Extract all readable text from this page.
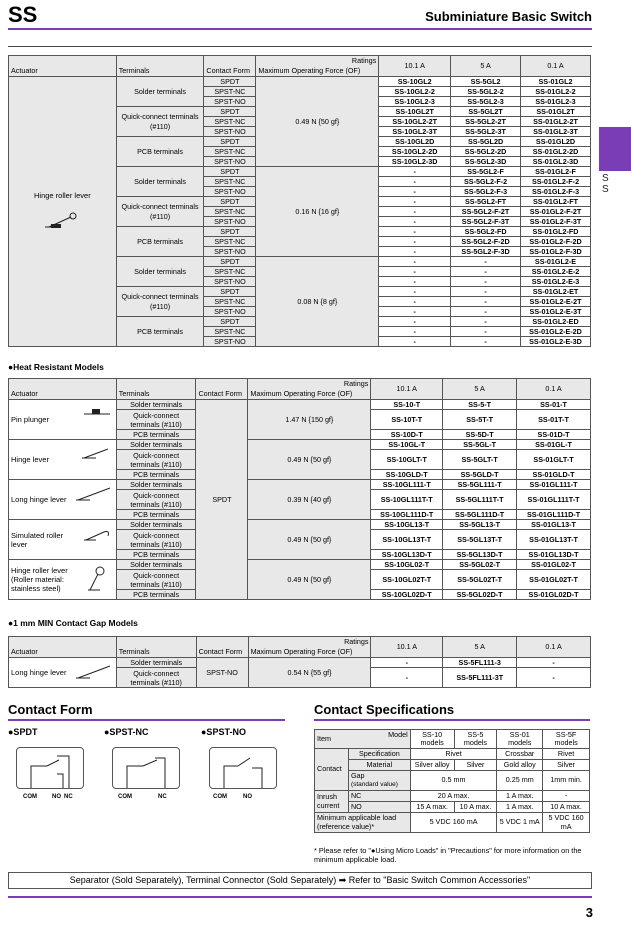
SS	Subminiature Basic Switch
S
S
			Ratings	10.1 A	5 A	0.1 A
Actuator	Terminals	Contact Form	Maximum Operating Force (OF)			
Hinge roller lever	Solder terminals	SPDT	0.49 N {50 gf}	SS-10GL2	SS-5GL2	SS-01GL2
		SPST-NC		SS-10GL2-2	SS-5GL2-2	SS-01GL2-2
		SPST-NO		SS-10GL2-3	SS-5GL2-3	SS-01GL2-3
	Quick-connect terminals (#110)	SPDT		SS-10GL2T	SS-5GL2T	SS-01GL2T
		SPST-NC		SS-10GL2-2T	SS-5GL2-2T	SS-01GL2-2T
		SPST-NO		SS-10GL2-3T	SS-5GL2-3T	SS-01GL2-3T
	PCB terminals	SPDT		SS-10GL2D	SS-5GL2D	SS-01GL2D
		SPST-NC		SS-10GL2-2D	SS-5GL2-2D	SS-01GL2-2D
		SPST-NO		SS-10GL2-3D	SS-5GL2-3D	SS-01GL2-3D
	Solder terminals	SPDT	0.16 N {16 gf}	-	SS-5GL2-F	SS-01GL2-F
		SPST-NC		-	SS-5GL2-F-2	SS-01GL2-F-2
		SPST-NO		-	SS-5GL2-F-3	SS-01GL2-F-3
	Quick-connect terminals (#110)	SPDT		-	SS-5GL2-FT	SS-01GL2-FT
		SPST-NC		-	SS-5GL2-F-2T	SS-01GL2-F-2T
		SPST-NO		-	SS-5GL2-F-3T	SS-01GL2-F-3T
	PCB terminals	SPDT		-	SS-5GL2-FD	SS-01GL2-FD
		SPST-NC		-	SS-5GL2-F-2D	SS-01GL2-F-2D
		SPST-NO		-	SS-5GL2-F-3D	SS-01GL2-F-3D
	Solder terminals	SPDT	0.08 N {8 gf}	-	-	SS-01GL2-E
		SPST-NC		-	-	SS-01GL2-E-2
		SPST-NO		-	-	SS-01GL2-E-3
	Quick-connect terminals (#110)	SPDT		-	-	SS-01GL2-ET
		SPST-NC		-	-	SS-01GL2-E-2T
		SPST-NO		-	-	SS-01GL2-E-3T
	PCB terminals	SPDT		-	-	SS-01GL2-ED
		SPST-NC		-	-	SS-01GL2-E-2D
		SPST-NO		-	-	SS-01GL2-E-3D
●Heat Resistant Models
			Ratings	10.1 A	5 A	0.1 A
Actuator	Terminals	Contact Form	Maximum Operating Force (OF)			

Pin plunger	Solder terminals	SPDT	1.47 N {150 gf}	SS-10-T	SS-5-T	SS-01-T
	Quick-connect terminals (#110)			SS-10T-T	SS-5T-T	SS-01T-T
	PCB terminals			SS-10D-T	SS-5D-T	SS-01D-T

Hinge lever	Solder terminals		0.49 N {50 gf}	SS-10GL-T	SS-5GL-T	SS-01GL-T
	Quick-connect terminals (#110)			SS-10GLT-T	SS-5GLT-T	SS-01GLT-T
	PCB terminals			SS-10GLD-T	SS-5GLD-T	SS-01GLD-T

Long hinge lever	Solder terminals		0.39 N {40 gf}	SS-10GL111-T	SS-5GL111-T	SS-01GL111-T
	Quick-connect terminals (#110)			SS-10GL111T-T	SS-5GL111T-T	SS-01GL111T-T
	PCB terminals			SS-10GL111D-T	SS-5GL111D-T	SS-01GL111D-T

Simulated roller lever	Solder terminals		0.49 N {50 gf}	SS-10GL13-T	SS-5GL13-T	SS-01GL13-T
	Quick-connect terminals (#110)			SS-10GL13T-T	SS-5GL13T-T	SS-01GL13T-T
	PCB terminals			SS-10GL13D-T	SS-5GL13D-T	SS-01GL13D-T

Hinge roller lever (Roller material: stainless steel)	Solder terminals		0.49 N {50 gf}	SS-10GL02-T	SS-5GL02-T	SS-01GL02-T
	Quick-connect terminals (#110)			SS-10GL02T-T	SS-5GL02T-T	SS-01GL02T-T
	PCB terminals			SS-10GL02D-T	SS-5GL02D-T	SS-01GL02D-T
●1 mm MIN Contact Gap Models
			Ratings	10.1 A	5 A	0.1 A
Actuator	Terminals	Contact Form	Maximum Operating Force (OF)			
Long hinge lever	Solder terminals	SPST-NO	0.54 N {55 gf}	-	SS-5FL111-3	-
	Quick-connect terminals (#110)			-	SS-5FL111-3T	-
Contact Form
●SPDT
COM	NO NC
●SPST-NC
COM	NC
●SPST-NO
COM	NO
Contact Specifications
Item Model		SS-10 models	SS-5 models	SS-01 models	SS-5F models
Contact	Specification	Rivet		Crossbar	Rivet
	Material	Silver alloy	Silver	Gold alloy	Silver
	Gap
(standard value)	0.5 mm		0.25 mm	1mm min.
Inrush current	NC	20 A max.		1 A max.	-
	NO	15 A max.	10 A max.	1 A max.	10 A max.
Minimum applicable load (reference value)*		5 VDC 160 mA		5 VDC 1 mA	5 VDC 160 mA
* Please refer to "●Using Micro Loads" in "Precautions" for more information on the minimum applicable load.
Separator (Sold Separately), Terminal Connector (Sold Separately) ➡ Refer to "Basic Switch Common Accessories"
3
